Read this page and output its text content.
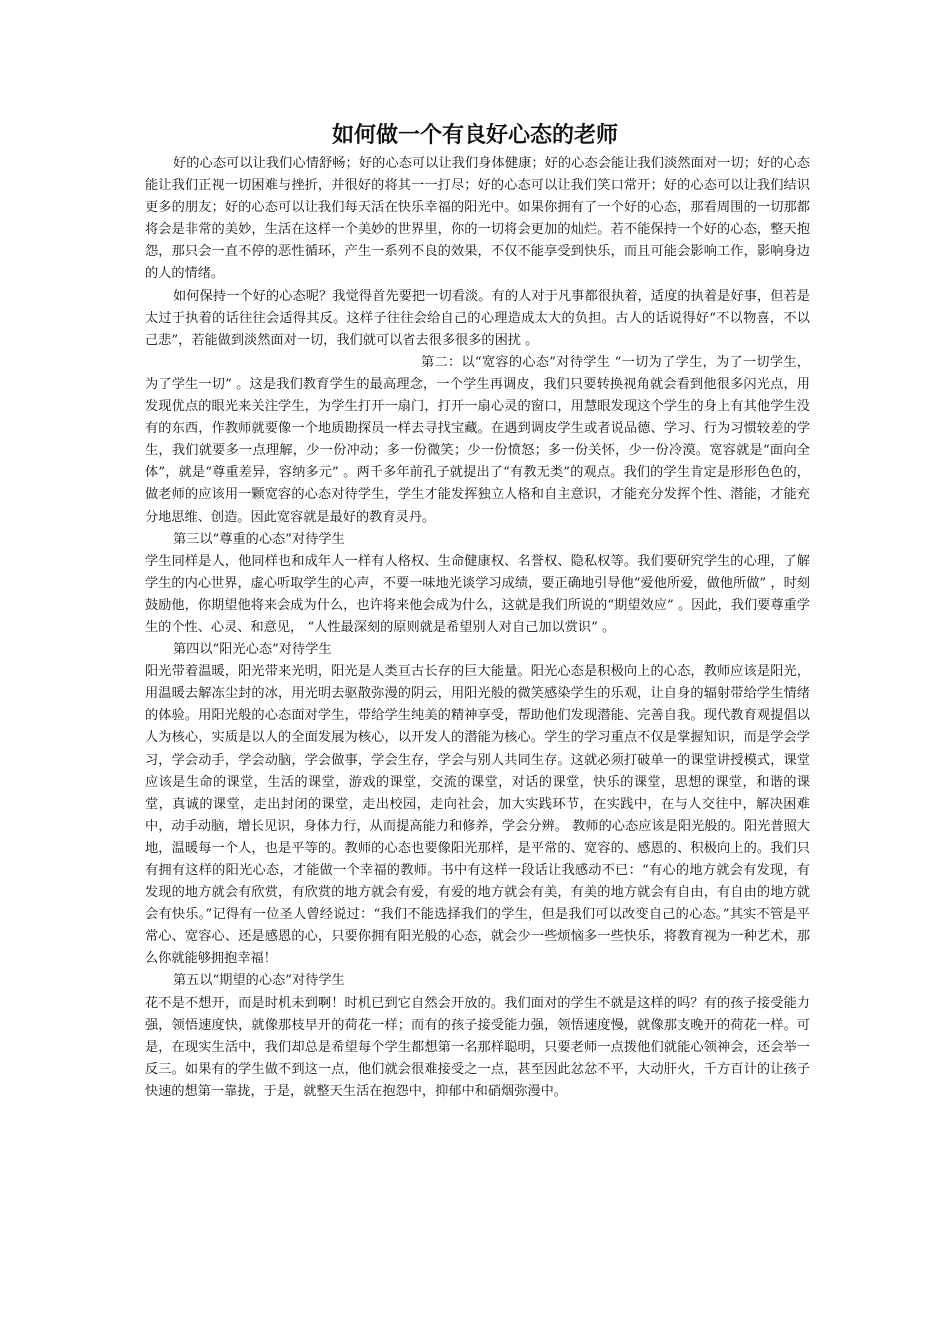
如何做一个有良好心态的老师

好的心态可以让我们心情舒畅；好的心态可以让我们身体健康；好的心态会能让我们淡然面对一切；好的心态能让我们正视一切困难与挫折，并很好的将其一一打尽；好的心态可以让我们笑口常开；好的心态可以让我们结识更多的朋友；好的心态可以让我们每天活在快乐幸福的阳光中。如果你拥有了一个好的心态，那看周围的一切那都将会是非常的美妙，生活在这样一个美妙的世界里，你的一切将会更加的灿烂。若不能保持一个好的心态，整天抱怨，那只会一直不停的恶性循环，产生一系列不良的效果，不仅不能享受到快乐，而且可能会影响工作，影响身边的人的情绪。

如何保持一个好的心态呢？我觉得首先要把一切看淡。有的人对于凡事都很执着，适度的执着是好事，但若是太过于执着的话往往会适得其反。这样子往往会给自己的心理造成太大的负担。古人的话说得好“不以物喜，不以己悲”，若能做到淡然面对一切，我们就可以省去很多很多的困扰 。

第二：以“宽容的心态”对待学生 “一切为了学生，为了一切学生，为了学生一切” 。这是我们教育学生的最高理念，一个学生再调皮，我们只要转换视角就会看到他很多闪光点，用发现优点的眼光来关注学生，为学生打开一扇门，打开一扇心灵的窗口，用慧眼发现这个学生的身上有其他学生没有的东西，作教师就要像一个地质勘探员一样去寻找宝藏。在遇到调皮学生或者说品德、学习、行为习惯较差的学生，我们就要多一点理解，少一份冲动；多一份微笑；少一份愤怒；多一份关怀，少一份冷漠。宽容就是“面向全体”，就是“尊重差异，容纳多元” 。两千多年前孔子就提出了“有教无类”的观点。我们的学生肯定是形形色色的，做老师的应该用一颗宽容的心态对待学生，学生才能发挥独立人格和自主意识，才能充分发挥个性、潜能，才能充分地思维、创造。因此宽容就是最好的教育灵丹。

第三以“尊重的心态”对待学生

学生同样是人，他同样也和成年人一样有人格权、生命健康权、名誉权、隐私权等。我们要研究学生的心理，了解学生的内心世界，虚心听取学生的心声，不要一味地光谈学习成绩，要正确地引导他“爱他所爱，做他所做” ，时刻鼓励他，你期望他将来会成为什么，也许将来他会成为什么，这就是我们所说的“期望效应” 。因此，我们要尊重学生的个性、心灵、和意见， “人性最深刻的原则就是希望别人对自己加以赏识” 。

第四以“阳光心态”对待学生

阳光带着温暖，阳光带来光明，阳光是人类亘古长存的巨大能量。阳光心态是积极向上的心态，教师应该是阳光，用温暖去解冻尘封的冰，用光明去驱散弥漫的阴云，用阳光般的微笑感染学生的乐观，让自身的辐射带给学生情绪的体验。用阳光般的心态面对学生，带给学生纯美的精神享受，帮助他们发现潜能、完善自我。现代教育观提倡以人为核心，实质是以人的全面发展为核心，以开发人的潜能为核心。学生的学习重点不仅是掌握知识，而是学会学习，学会动手，学会动脑，学会做事，学会生存，学会与别人共同生存。这就必须打破单一的课堂讲授模式，课堂应该是生命的课堂，生活的课堂，游戏的课堂，交流的课堂，对话的课堂，快乐的课堂，思想的课堂，和谐的课堂，真诚的课堂，走出封闭的课堂，走出校园，走向社会，加大实践环节，在实践中，在与人交往中，解决困难中，动手动脑，增长见识，身体力行，从而提高能力和修养，学会分辨。 教师的心态应该是阳光般的。阳光普照大地，温暖每一个人，也是平等的。教师的心态也要像阳光那样，是平常的、宽容的、感恩的、积极向上的。我们只有拥有这样的阳光心态，才能做一个幸福的教师。书中有这样一段话让我感动不已：“有心的地方就会有发现，有发现的地方就会有欣赏，有欣赏的地方就会有爱，有爱的地方就会有美，有美的地方就会有自由，有自由的地方就会有快乐。”记得有一位圣人曾经说过：“我们不能选择我们的学生，但是我们可以改变自己的心态。”其实不管是平常心、宽容心、还是感恩的心，只要你拥有阳光般的心态，就会少一些烦恼多一些快乐，将教育视为一种艺术，那么你就能够拥抱幸福！

第五以“期望的心态”对待学生

花不是不想开，而是时机未到啊！时机已到它自然会开放的。我们面对的学生不就是这样的吗？有的孩子接受能力强，领悟速度快，就像那枝早开的荷花一样；而有的孩子接受能力强，领悟速度慢，就像那支晚开的荷花一样。可是，在现实生活中，我们却总是希望每个学生都想第一名那样聪明，只要老师一点拨他们就能心领神会，还会举一反三。如果有的学生做不到这一点，他们就会很难接受之一点，甚至因此忿忿不平，大动肝火，千方百计的让孩子快速的想第一靠拢，于是，就整天生活在抱怨中，抑郁中和硝烟弥漫中。
